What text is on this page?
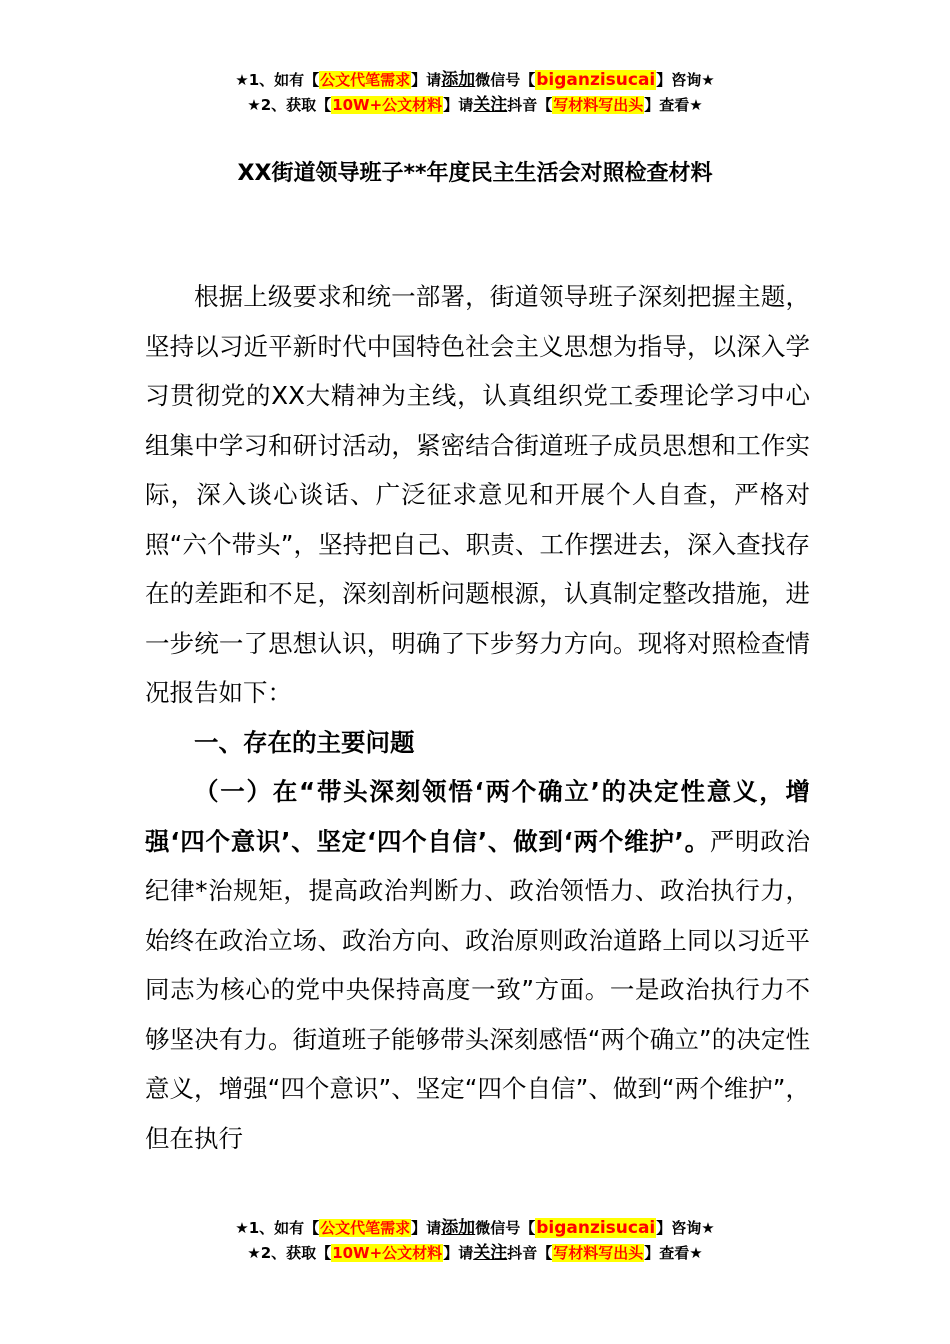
★1、如有【公文代笔需求】请添加微信号【biganzisucai】咨询★
★2、获取【10W+公文材料】请关注抖音【写材料写出头】查看★
XX街道领导班子**年度民主生活会对照检查材料

根据上级要求和统一部署，街道领导班子深刻把握主题，坚持以习近平新时代中国特色社会主义思想为指导，以深入学习贯彻党的XX大精神为主线，认真组织党工委理论学习中心组集中学习和研讨活动，紧密结合街道班子成员思想和工作实际，深入谈心谈话、广泛征求意见和开展个人自查，严格对照“六个带头”，坚持把自己、职责、工作摆进去，深入查找存在的差距和不足，深刻剖析问题根源，认真制定整改措施，进一步统一了思想认识，明确了下步努力方向。现将对照检查情况报告如下：

一、存在的主要问题

（一）在“带头深刻领悟‘两个确立’的决定性意义，增强‘四个意识’、坚定‘四个自信’、做到‘两个维护’。严明政治纪律*治规矩，提高政治判断力、政治领悟力、政治执行力，始终在政治立场、政治方向、政治原则政治道路上同以习近平同志为核心的党中央保持高度一致”方面。一是政治执行力不够坚决有力。街道班子能够带头深刻感悟“两个确立”的决定性意义，增强“四个意识”、坚定“四个自信”、做到“两个维护”，但在执行

★1、如有【公文代笔需求】请添加微信号【biganzisucai】咨询★
★2、获取【10W+公文材料】请关注抖音【写材料写出头】查看★
